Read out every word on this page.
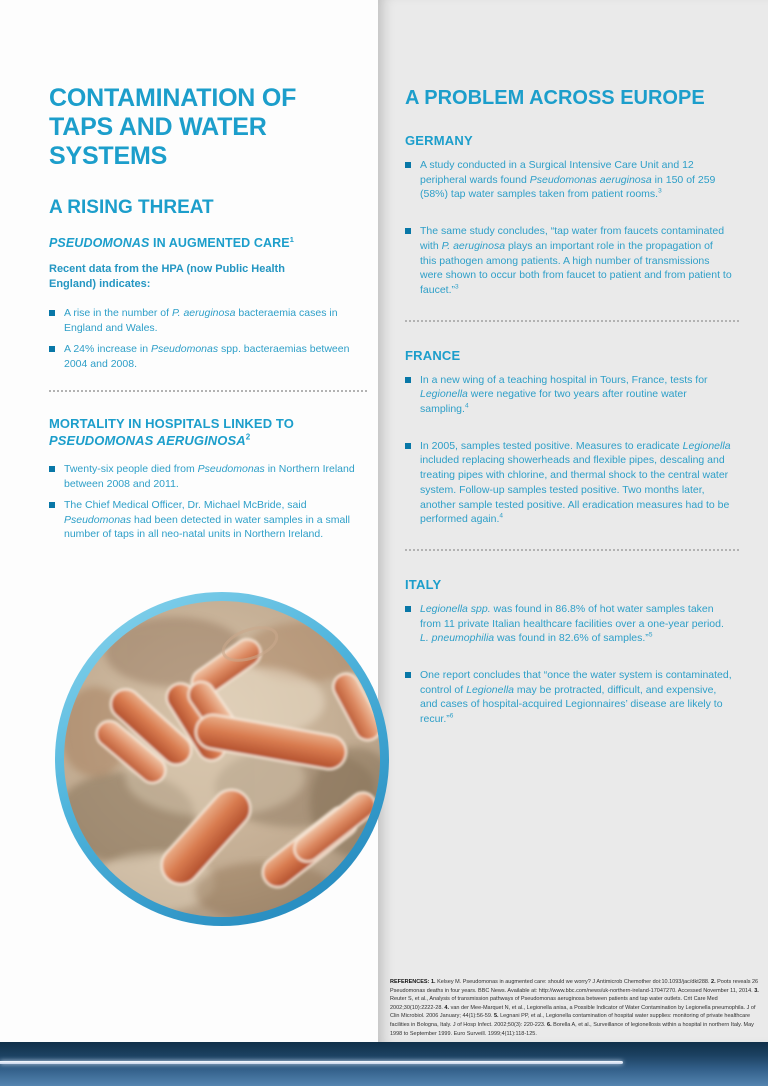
CONTAMINATION OF TAPS AND WATER SYSTEMS
A RISING THREAT
PSEUDOMONAS IN AUGMENTED CARE$^1$
Recent data from the HPA (now Public Health England) indicates:
A rise in the number of P. aeruginosa bacteraemia cases in England and Wales.
A 24% increase in Pseudomonas spp. bacteraemias between 2004 and 2008.
MORTALITY IN HOSPITALS LINKED TO
PSEUDOMONAS AERUGINOSA$^2$
Twenty-six people died from Pseudomonas in Northern Ireland between 2008 and 2011.
The Chief Medical Officer, Dr. Michael McBride, said Pseudomonas had been detected in water samples in a small number of taps in all neo-natal units in Northern Ireland.
A PROBLEM ACROSS EUROPE
GERMANY
A study conducted in a Surgical Intensive Care Unit and 12 peripheral wards found Pseudomonas aeruginosa in 150 of 259 (58%) tap water samples taken from patient rooms.$^3$
The same study concludes, “tap water from faucets contaminated with P. aeruginosa plays an important role in the propagation of this pathogen among patients. A high number of transmissions were shown to occur both from faucet to patient and from patient to faucet.”$^3$
FRANCE
In a new wing of a teaching hospital in Tours, France, tests for Legionella were negative for two years after routine water sampling.$^4$
In 2005, samples tested positive. Measures to eradicate Legionella included replacing showerheads and flexible pipes, descaling and treating pipes with chlorine, and thermal shock to the central water system. Follow-up samples tested positive. Two months later, another sample tested positive. All eradication measures had to be performed again.$^4$
ITALY
Legionella spp. was found in 86.8% of hot water samples taken from 11 private Italian healthcare facilities over a one-year period. L. pneumophilia was found in 82.6% of samples.”$^5$
One report concludes that “once the water system is contaminated, control of Legionella may be protracted, difficult, and expensive, and cases of hospital-acquired Legionnaires’ disease are likely to recur.”$^6$
REFERENCES: 1. Kelsey M. Pseudomonas in augmented care: should we worry? J Antimicrob Chemother doi:10.1093/jac/dkt288. 2. Poots reveals 26 Pseudomonas deaths in four years. BBC News. Available at: http://www.bbc.com/news/uk-northern-ireland-17047270. Accessed November 11, 2014. 3. Reuter S, et al., Analysis of transmission pathways of Pseudomonas aeruginosa between patients and tap water outlets. Crit Care Med 2002;30(10):2222-28. 4. van der Mee-Marquet N, et al., Legionella anisa, a Possible Indicator of Water Contamination by Legionella pneumophila. J of Clin Microbiol. 2006 January; 44(1):56-59. 5. Legnani PP, et al., Legionella contamination of hospital water supplies: monitoring of private healthcare facilities in Bologna, Italy. J of Hosp Infect. 2002;50(3): 220-223. 6. Borella A, et al., Surveillance of legionellosis within a hospital in northern Italy. May 1998 to September 1999. Euro Surveill. 1999;4(11):118-125.
